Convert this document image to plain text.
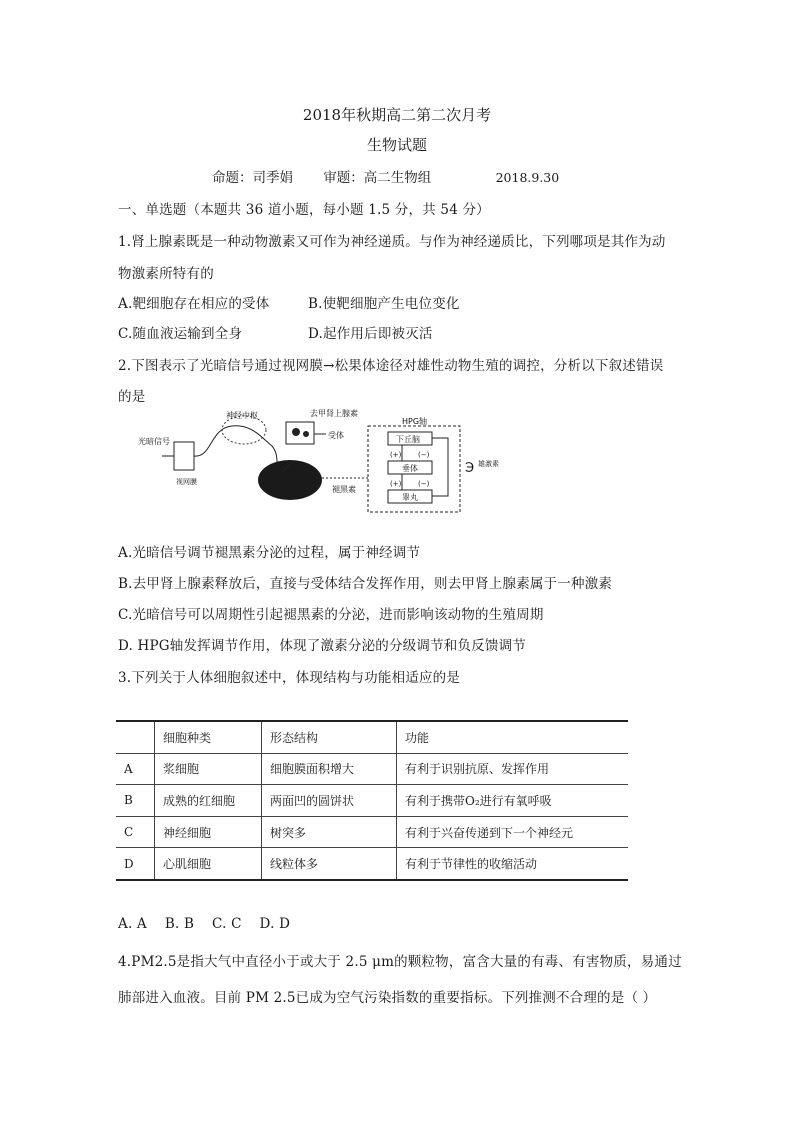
2018年秋期高二第二次月考
生物试题
命题：司季娟 审题：高二生物组	2018.9.30
一、单选题（本题共 36 道小题，每小题 1.5 分，共 54 分）
1.肾上腺素既是一种动物激素又可作为神经递质。与作为神经递质比，下列哪项是其作为动
物激素所特有的
A.靶细胞存在相应的受体	B.使靶细胞产生电位变化
C.随血液运输到全身	D.起作用后即被灭活
2.下图表示了光暗信号通过视网膜→松果体途径对雄性动物生殖的调控，分析以下叙述错误
的是
光暗信号
视网膜
神经中枢	去甲肾上腺素
受体
褪黑素
HPG轴
下丘脑
垂体
睾丸
(+) (−)
(+) (−)
℈ 雄激素
A.光暗信号调节褪黑素分泌的过程，属于神经调节
B.去甲肾上腺素释放后，直接与受体结合发挥作用，则去甲肾上腺素属于一种激素
C.光暗信号可以周期性引起褪黑素的分泌，进而影响该动物的生殖周期
D. HPG轴发挥调节作用，体现了激素分泌的分级调节和负反馈调节
3.下列关于人体细胞叙述中，体现结构与功能相适应的是
	细胞种类	形态结构	功能
A	浆细胞	细胞膜面积增大	有利于识别抗原、发挥作用
B	成熟的红细胞	两面凹的圆饼状	有利于携带O₂进行有氧呼吸
C	神经细胞	树突多	有利于兴奋传递到下一个神经元
D	心肌细胞	线粒体多	有利于节律性的收缩活动
A. A    B. B    C. C    D. D
4.PM2.5是指大气中直径小于或大于 2.5 μm的颗粒物，富含大量的有毒、有害物质，易通过
肺部进入血液。目前 PM 2.5已成为空气污染指数的重要指标。下列推测不合理的是（ ）
